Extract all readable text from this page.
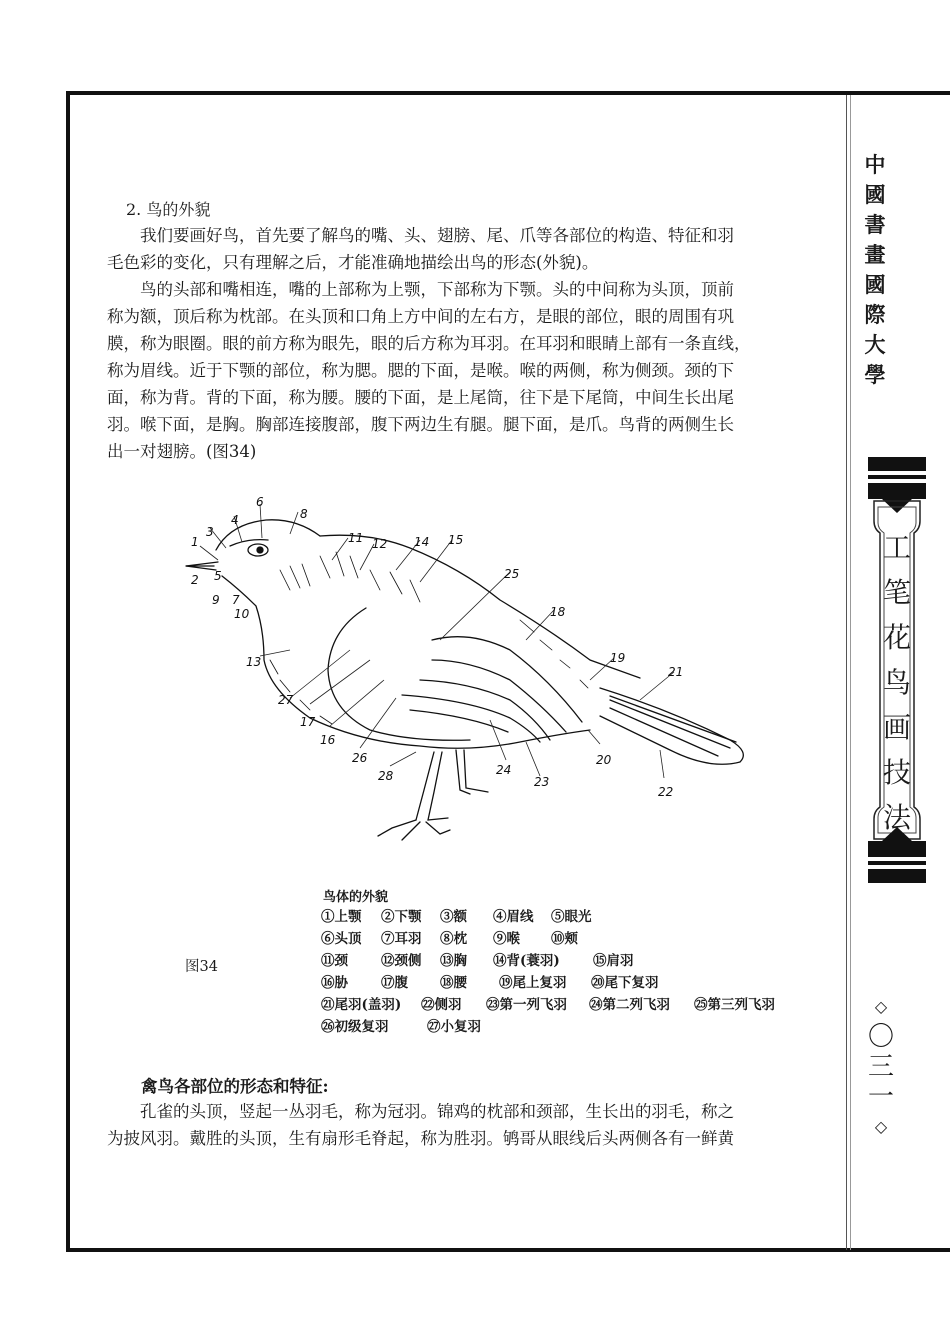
中
國
書
畫
國
際
大
學
工
笔
花
鸟
画
技
法
◇
〇
三
一
◇
2. 鸟的外貌
我们要画好鸟，首先要了解鸟的嘴、头、翅膀、尾、爪等各部位的构造、特征和羽
毛色彩的变化，只有理解之后，才能准确地描绘出鸟的形态(外貌)。
鸟的头部和嘴相连，嘴的上部称为上颚，下部称为下颚。头的中间称为头顶，顶前
称为额，顶后称为枕部。在头顶和口角上方中间的左右方，是眼的部位，眼的周围有巩
膜，称为眼圈。眼的前方称为眼先，眼的后方称为耳羽。在耳羽和眼睛上部有一条直线，
称为眉线。近于下颚的部位，称为腮。腮的下面，是喉。喉的两侧，称为侧颈。颈的下
面，称为背。背的下面，称为腰。腰的下面，是上尾筒，往下是下尾筒，中间生长出尾
羽。喉下面，是胸。胸部连接腹部，腹下两边生有腿。腿下面，是爪。鸟背的两侧生长
出一对翅膀。(图34)
1
2
3
4
5
6
7
8
9
10
11 12
13
14 15
16
17
18
19
20
21
22
23
24
25
26
27
28
鸟体的外貌
①上颚 ②下颚 ③额 ④眉线 ⑤眼光
⑥头顶 ⑦耳羽 ⑧枕 ⑨喉 ⑩颊
⑪颈 ⑫颈侧 ⑬胸 ⑭背(蓑羽) ⑮肩羽
⑯胁 ⑰腹 ⑱腰 ⑲尾上复羽 ⑳尾下复羽
㉑尾羽(盖羽) ㉒侧羽 ㉓第一列飞羽 ㉔第二列飞羽 ㉕第三列飞羽
㉖初级复羽	㉗小复羽
图34
禽鸟各部位的形态和特征:
孔雀的头顶，竖起一丛羽毛，称为冠羽。锦鸡的枕部和颈部，生长出的羽毛，称之
为披风羽。戴胜的头顶，生有扇形毛脊起，称为胜羽。鸲哥从眼线后头两侧各有一鲜黄
